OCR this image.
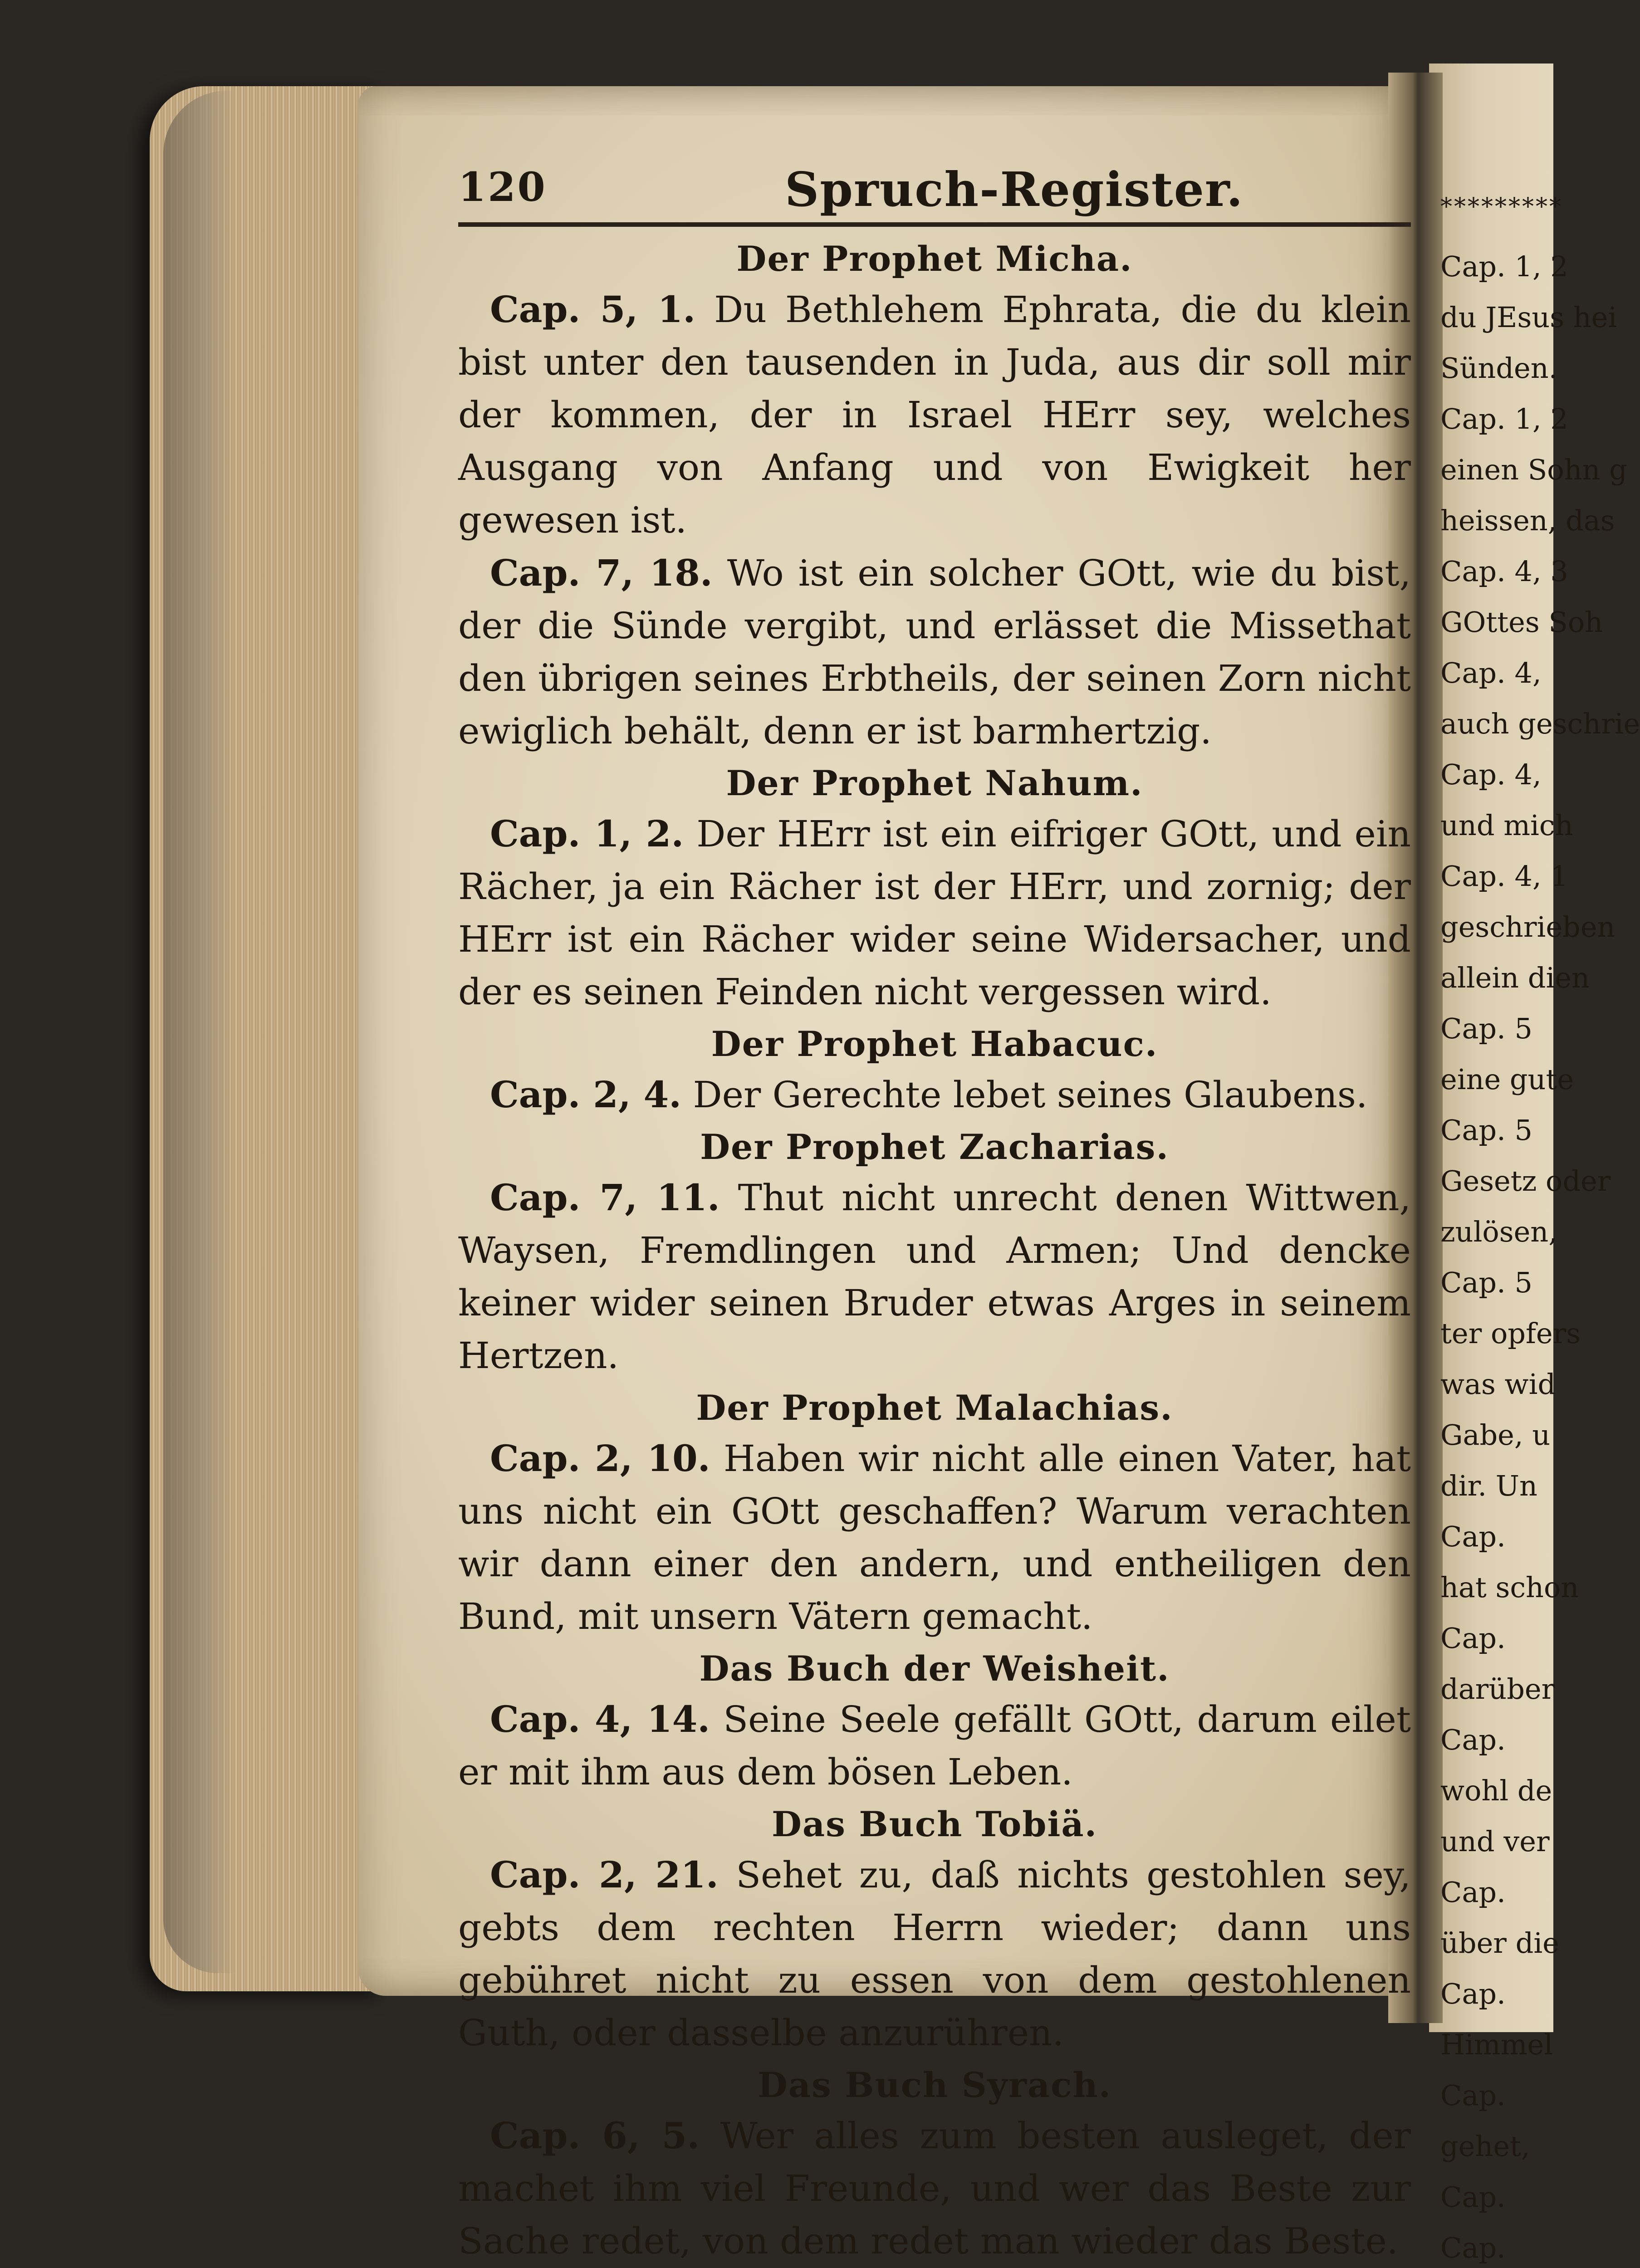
120	Spruch-Register.
Der Prophet Micha.

Cap. 5, 1. Du Bethlehem Ephrata, die du klein bist unter den tausenden in Juda, aus dir soll mir der kommen, der in Israel HErr sey, welches Ausgang von Anfang und von Ewigkeit her gewesen ist.

Cap. 7, 18. Wo ist ein solcher GOtt, wie du bist, der die Sünde vergibt, und erlässet die Missethat den übrigen seines Erbtheils, der seinen Zorn nicht ewiglich behält, denn er ist barmhertzig.

Der Prophet Nahum.

Cap. 1, 2. Der HErr ist ein eifriger GOtt, und ein Rächer, ja ein Rächer ist der HErr, und zornig; der HErr ist ein Rächer wider seine Widersacher, und der es seinen Feinden nicht vergessen wird.

Der Prophet Habacuc.

Cap. 2, 4. Der Gerechte lebet seines Glaubens.

Der Prophet Zacharias.

Cap. 7, 11. Thut nicht unrecht denen Wittwen, Waysen, Fremdlingen und Armen; Und dencke keiner wider seinen Bruder etwas Arges in seinem Hertzen.

Der Prophet Malachias.

Cap. 2, 10. Haben wir nicht alle einen Vater, hat uns nicht ein GOtt geschaffen? Warum verachten wir dann einer den andern, und entheiligen den Bund, mit unsern Vätern gemacht.

Das Buch der Weisheit.

Cap. 4, 14. Seine Seele gefällt GOtt, darum eilet er mit ihm aus dem bösen Leben.

Das Buch Tobiä.

Cap. 2, 21. Sehet zu, daß nichts gestohlen sey, gebts dem rechten Herrn wieder; dann uns gebühret nicht zu essen von dem gestohlenen Guth, oder dasselbe anzurühren.

Das Buch Syrach.

Cap. 6, 5. Wer alles zum besten ausleget, der machet ihm viel Freunde, und wer das Beste zur Sache redet, von dem redet man wieder das Beste.

*********
Cap. 1, 2
du JEsus hei
Sünden.
Cap. 1, 2
einen Sohn g
heissen, das
Cap. 4, 3
GOttes Soh
Cap. 4,
auch geschrie
Cap. 4,
und mich
Cap. 4, 1
geschrieben
allein dien
Cap. 5
eine gute
Cap. 5
Gesetz oder
zulösen,
Cap. 5
ter opfers
was wid
Gabe, u
dir. Un
Cap.
hat schon
Cap.
darüber
Cap.
wohl de
und ver
Cap.
über die
Cap.
Himmel
Cap.
gehet,
Cap.
Cap.
